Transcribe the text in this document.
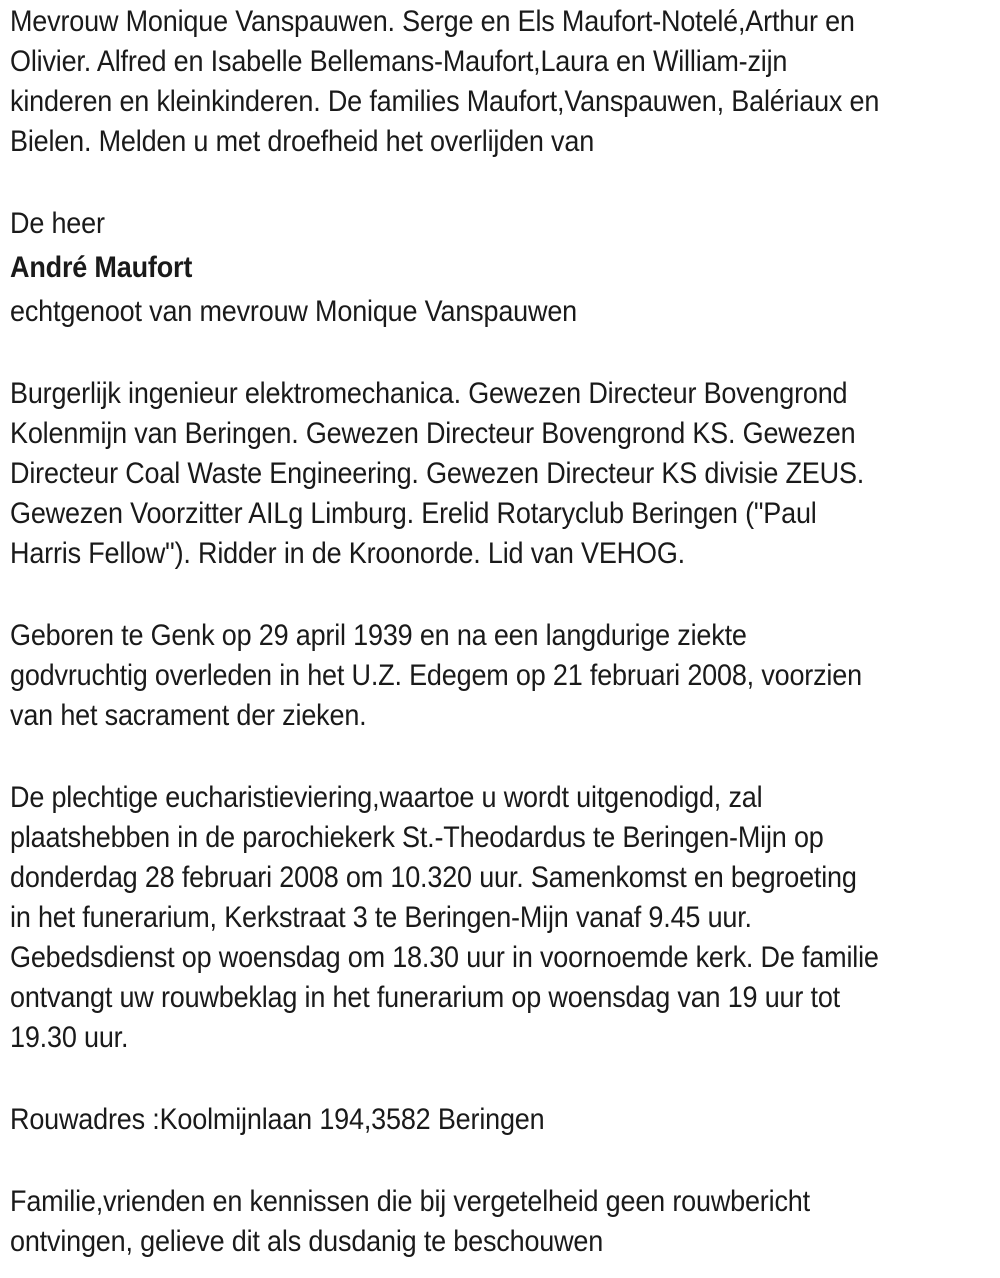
Mevrouw Monique Vanspauwen. Serge en Els Maufort-Notelé,Arthur en
Olivier. Alfred en Isabelle Bellemans-Maufort,Laura en William-zijn
kinderen en kleinkinderen. De families Maufort,Vanspauwen, Balériaux en
Bielen. Melden u met droefheid het overlijden van
De heer
André Maufort
echtgenoot van mevrouw Monique Vanspauwen
Burgerlijk ingenieur elektromechanica. Gewezen Directeur Bovengrond
Kolenmijn van Beringen. Gewezen Directeur Bovengrond KS. Gewezen
Directeur Coal Waste Engineering. Gewezen Directeur KS divisie ZEUS.
Gewezen Voorzitter AILg Limburg. Erelid Rotaryclub Beringen ("Paul
Harris Fellow"). Ridder in de Kroonorde. Lid van VEHOG.
Geboren te Genk op 29 april 1939 en na een langdurige ziekte
godvruchtig overleden in het U.Z. Edegem op 21 februari 2008, voorzien
van het sacrament der zieken.
De plechtige eucharistieviering,waartoe u wordt uitgenodigd, zal
plaatshebben in de parochiekerk St.-Theodardus te Beringen-Mijn op
donderdag 28 februari 2008 om 10.320 uur. Samenkomst en begroeting
in het funerarium, Kerkstraat 3 te Beringen-Mijn vanaf 9.45 uur.
Gebedsdienst op woensdag om 18.30 uur in voornoemde kerk. De familie
ontvangt uw rouwbeklag in het funerarium op woensdag van 19 uur tot
19.30 uur.
Rouwadres :Koolmijnlaan 194,3582 Beringen
Familie,vrienden en kennissen die bij vergetelheid geen rouwbericht
ontvingen, gelieve dit als dusdanig te beschouwen
